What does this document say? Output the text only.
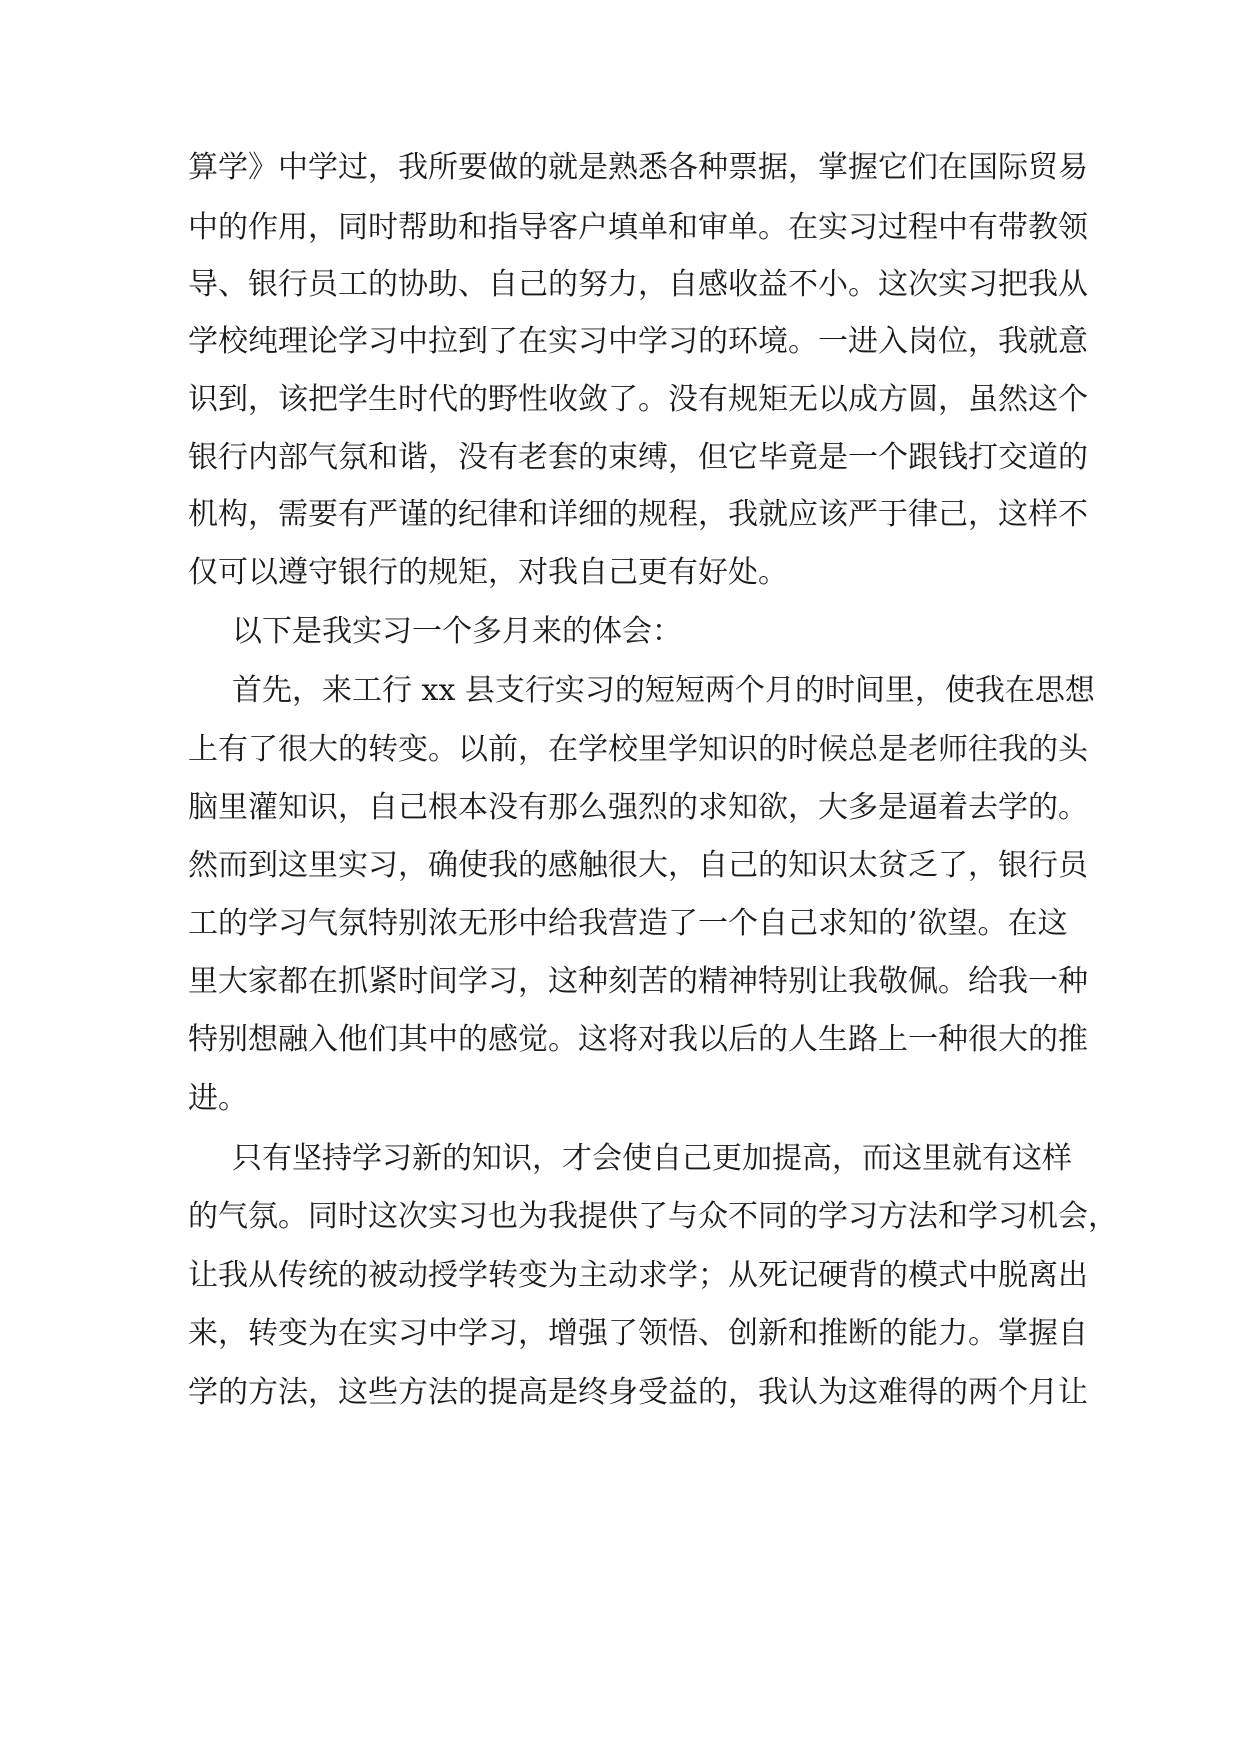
算学》中学过，我所要做的就是熟悉各种票据，掌握它们在国际贸易
中的作用，同时帮助和指导客户填单和审单。在实习过程中有带教领
导、银行员工的协助、自己的努力，自感收益不小。这次实习把我从
学校纯理论学习中拉到了在实习中学习的环境。一进入岗位，我就意
识到，该把学生时代的野性收敛了。没有规矩无以成方圆，虽然这个
银行内部气氛和谐，没有老套的束缚，但它毕竟是一个跟钱打交道的
机构，需要有严谨的纪律和详细的规程，我就应该严于律己，这样不
仅可以遵守银行的规矩，对我自己更有好处。
以下是我实习一个多月来的体会：
首先，来工行 xx 县支行实习的短短两个月的时间里，使我在思想
上有了很大的转变。以前，在学校里学知识的时候总是老师往我的头
脑里灌知识，自己根本没有那么强烈的求知欲，大多是逼着去学的。
然而到这里实习，确使我的感触很大，自己的知识太贫乏了，银行员
工的学习气氛特别浓无形中给我营造了一个自己求知的’欲望。在这
里大家都在抓紧时间学习，这种刻苦的精神特别让我敬佩。给我一种
特别想融入他们其中的感觉。这将对我以后的人生路上一种很大的推
进。
只有坚持学习新的知识，才会使自己更加提高，而这里就有这样
的气氛。同时这次实习也为我提供了与众不同的学习方法和学习机会，
让我从传统的被动授学转变为主动求学；从死记硬背的模式中脱离出
来，转变为在实习中学习，增强了领悟、创新和推断的能力。掌握自
学的方法，这些方法的提高是终身受益的，我认为这难得的两个月让
